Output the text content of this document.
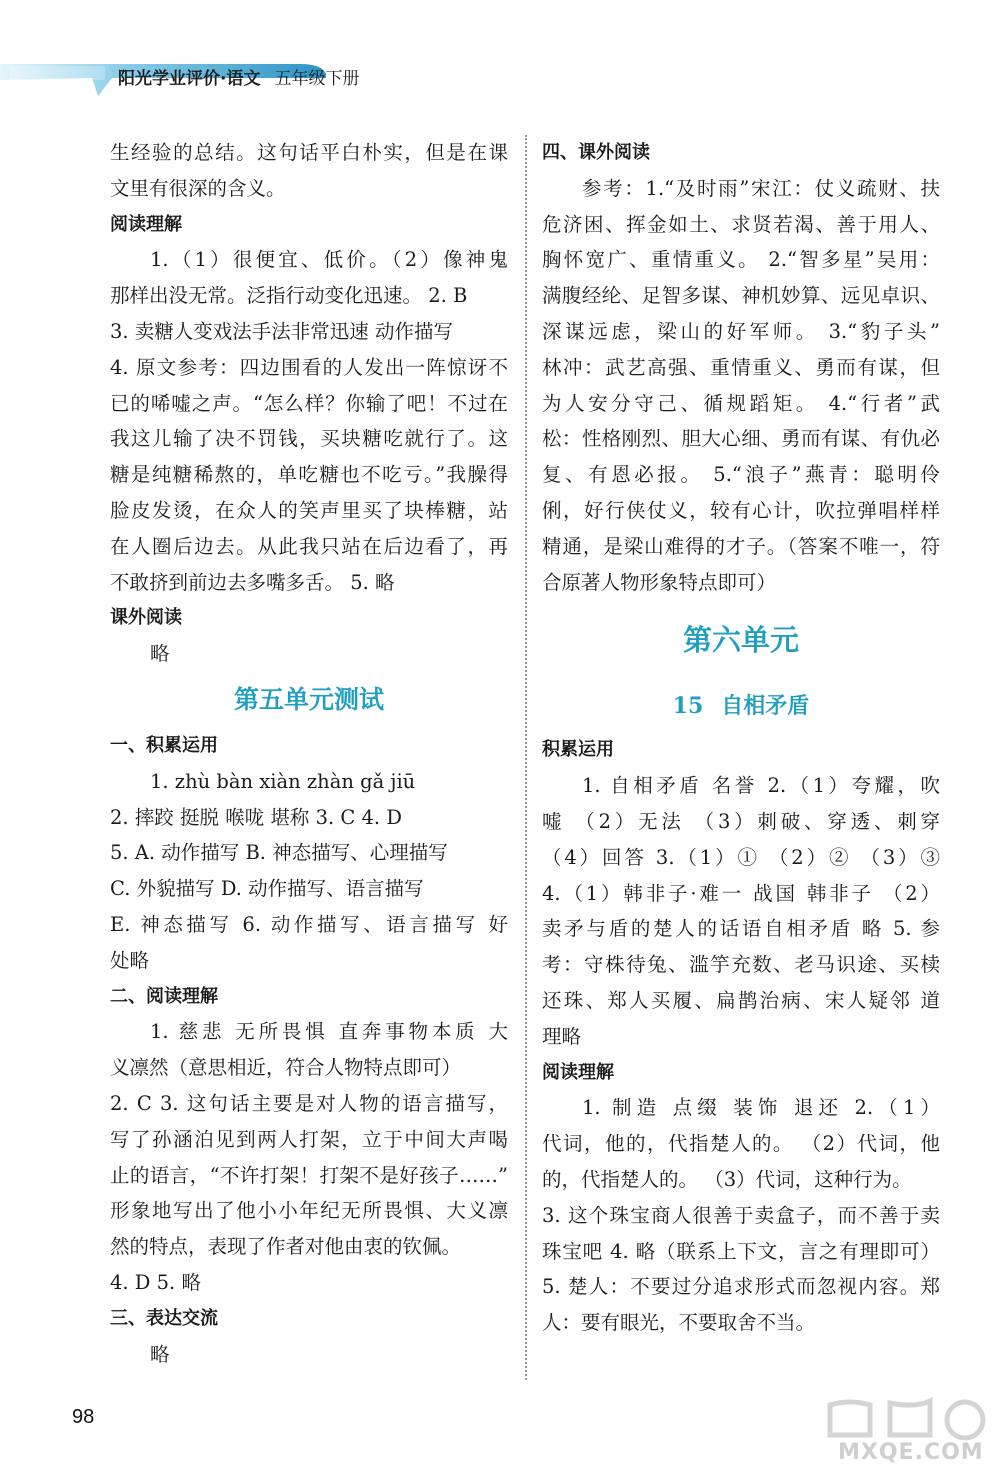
阳光学业评价·语文 五年级下册
生经验的总结。这句话平白朴实，但是在课
文里有很深的含义。
阅读理解
1.（1）很便宜、低价。（2）像神鬼
那样出没无常。泛指行动变化迅速。 2. B
3. 卖糖人变戏法手法非常迅速 动作描写
4. 原文参考：四边围看的人发出一阵惊讶不
已的唏嘘之声。“怎么样？你输了吧！不过在
我这儿输了决不罚钱，买块糖吃就行了。这
糖是纯糖稀熬的，单吃糖也不吃亏。”我臊得
脸皮发烫，在众人的笑声里买了块棒糖，站
在人圈后边去。从此我只站在后边看了，再
不敢挤到前边去多嘴多舌。 5. 略
课外阅读
略
第五单元测试
一、积累运用
1. zhù bàn xiàn zhàn gǎ jiū
2. 摔跤 挺脱 喉咙 堪称 3. C 4. D
5. A. 动作描写 B. 神态描写、心理描写
C. 外貌描写 D. 动作描写、语言描写
E. 神态描写 6. 动作描写、语言描写 好
处略
二、阅读理解
1. 慈悲 无所畏惧 直奔事物本质 大
义凛然（意思相近，符合人物特点即可）
2. C 3. 这句话主要是对人物的语言描写，
写了孙涵泊见到两人打架，立于中间大声喝
止的语言，“不许打架！打架不是好孩子……”
形象地写出了他小小年纪无所畏惧、大义凛
然的特点，表现了作者对他由衷的钦佩。
4. D 5. 略
三、表达交流
略
四、课外阅读
参考：1.“及时雨”宋江：仗义疏财、扶
危济困、挥金如土、求贤若渴、善于用人、
胸怀宽广、重情重义。 2.“智多星”吴用：
满腹经纶、足智多谋、神机妙算、远见卓识、
深谋远虑，梁山的好军师。 3.“豹子头”
林冲：武艺高强、重情重义、勇而有谋，但
为人安分守己、循规蹈矩。 4.“行者”武
松：性格刚烈、胆大心细、勇而有谋、有仇必
复、有恩必报。 5.“浪子”燕青：聪明伶
俐，好行侠仗义，较有心计，吹拉弹唱样样
精通，是梁山难得的才子。（答案不唯一，符
合原著人物形象特点即可）
第六单元
15 自相矛盾
积累运用
1. 自相矛盾 名誉 2.（1）夸耀，吹
嘘 （2）无法 （3）刺破、穿透、刺穿
（4）回答 3.（1）① （2）② （3）③
4.（1）韩非子·难一 战国 韩非子 （2）
卖矛与盾的楚人的话语自相矛盾 略 5. 参
考：守株待兔、滥竽充数、老马识途、买椟
还珠、郑人买履、扁鹊治病、宋人疑邻 道
理略
阅读理解
1. 制造 点缀 装饰 退还 2.（1）
代词，他的，代指楚人的。 （2）代词，他
的，代指楚人的。 （3）代词，这种行为。
3. 这个珠宝商人很善于卖盒子，而不善于卖
珠宝吧 4. 略（联系上下文，言之有理即可）
5. 楚人：不要过分追求形式而忽视内容。郑
人：要有眼光，不要取舍不当。
98
MXQE.COM
